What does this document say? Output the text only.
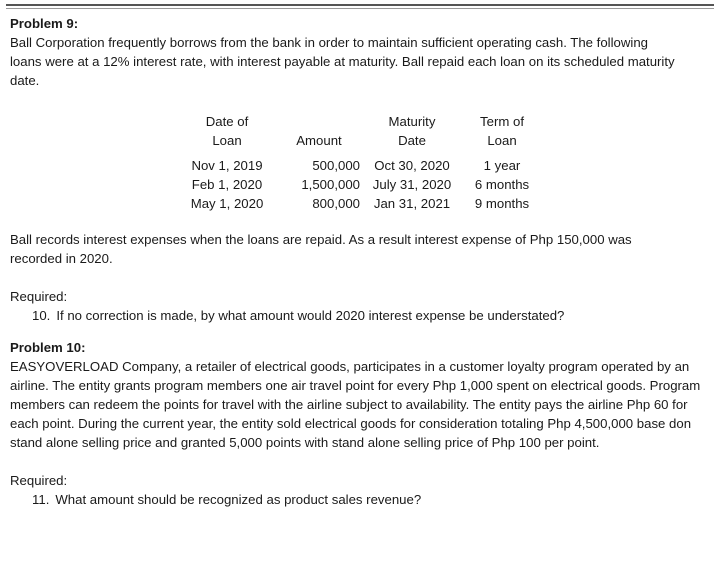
Problem 9:

Ball Corporation frequently borrows from the bank in order to maintain sufficient operating cash. The following loans were at a 12% interest rate, with interest payable at maturity. Ball repaid each loan on its scheduled maturity date.

Date of		Maturity	Term of
Loan	Amount	Date	Loan
Nov 1, 2019	500,000	Oct 30, 2020	1 year
Feb 1, 2020	1,500,000	July 31, 2020	6 months
May 1, 2020	800,000	Jan 31, 2021	9 months

Ball records interest expenses when the loans are repaid. As a result interest expense of Php 150,000 was recorded in 2020.

Required:

10. If no correction is made, by what amount would 2020 interest expense be understated?

Problem 10:

EASYOVERLOAD Company, a retailer of electrical goods, participates in a customer loyalty program operated by an airline. The entity grants program members one air travel point for every Php 1,000 spent on electrical goods. Program members can redeem the points for travel with the airline subject to availability. The entity pays the airline Php 60 for each point. During the current year, the entity sold electrical goods for consideration totaling Php 4,500,000 base don stand alone selling price and granted 5,000 points with stand alone selling price of Php 100 per point.

Required:

11. What amount should be recognized as product sales revenue?
